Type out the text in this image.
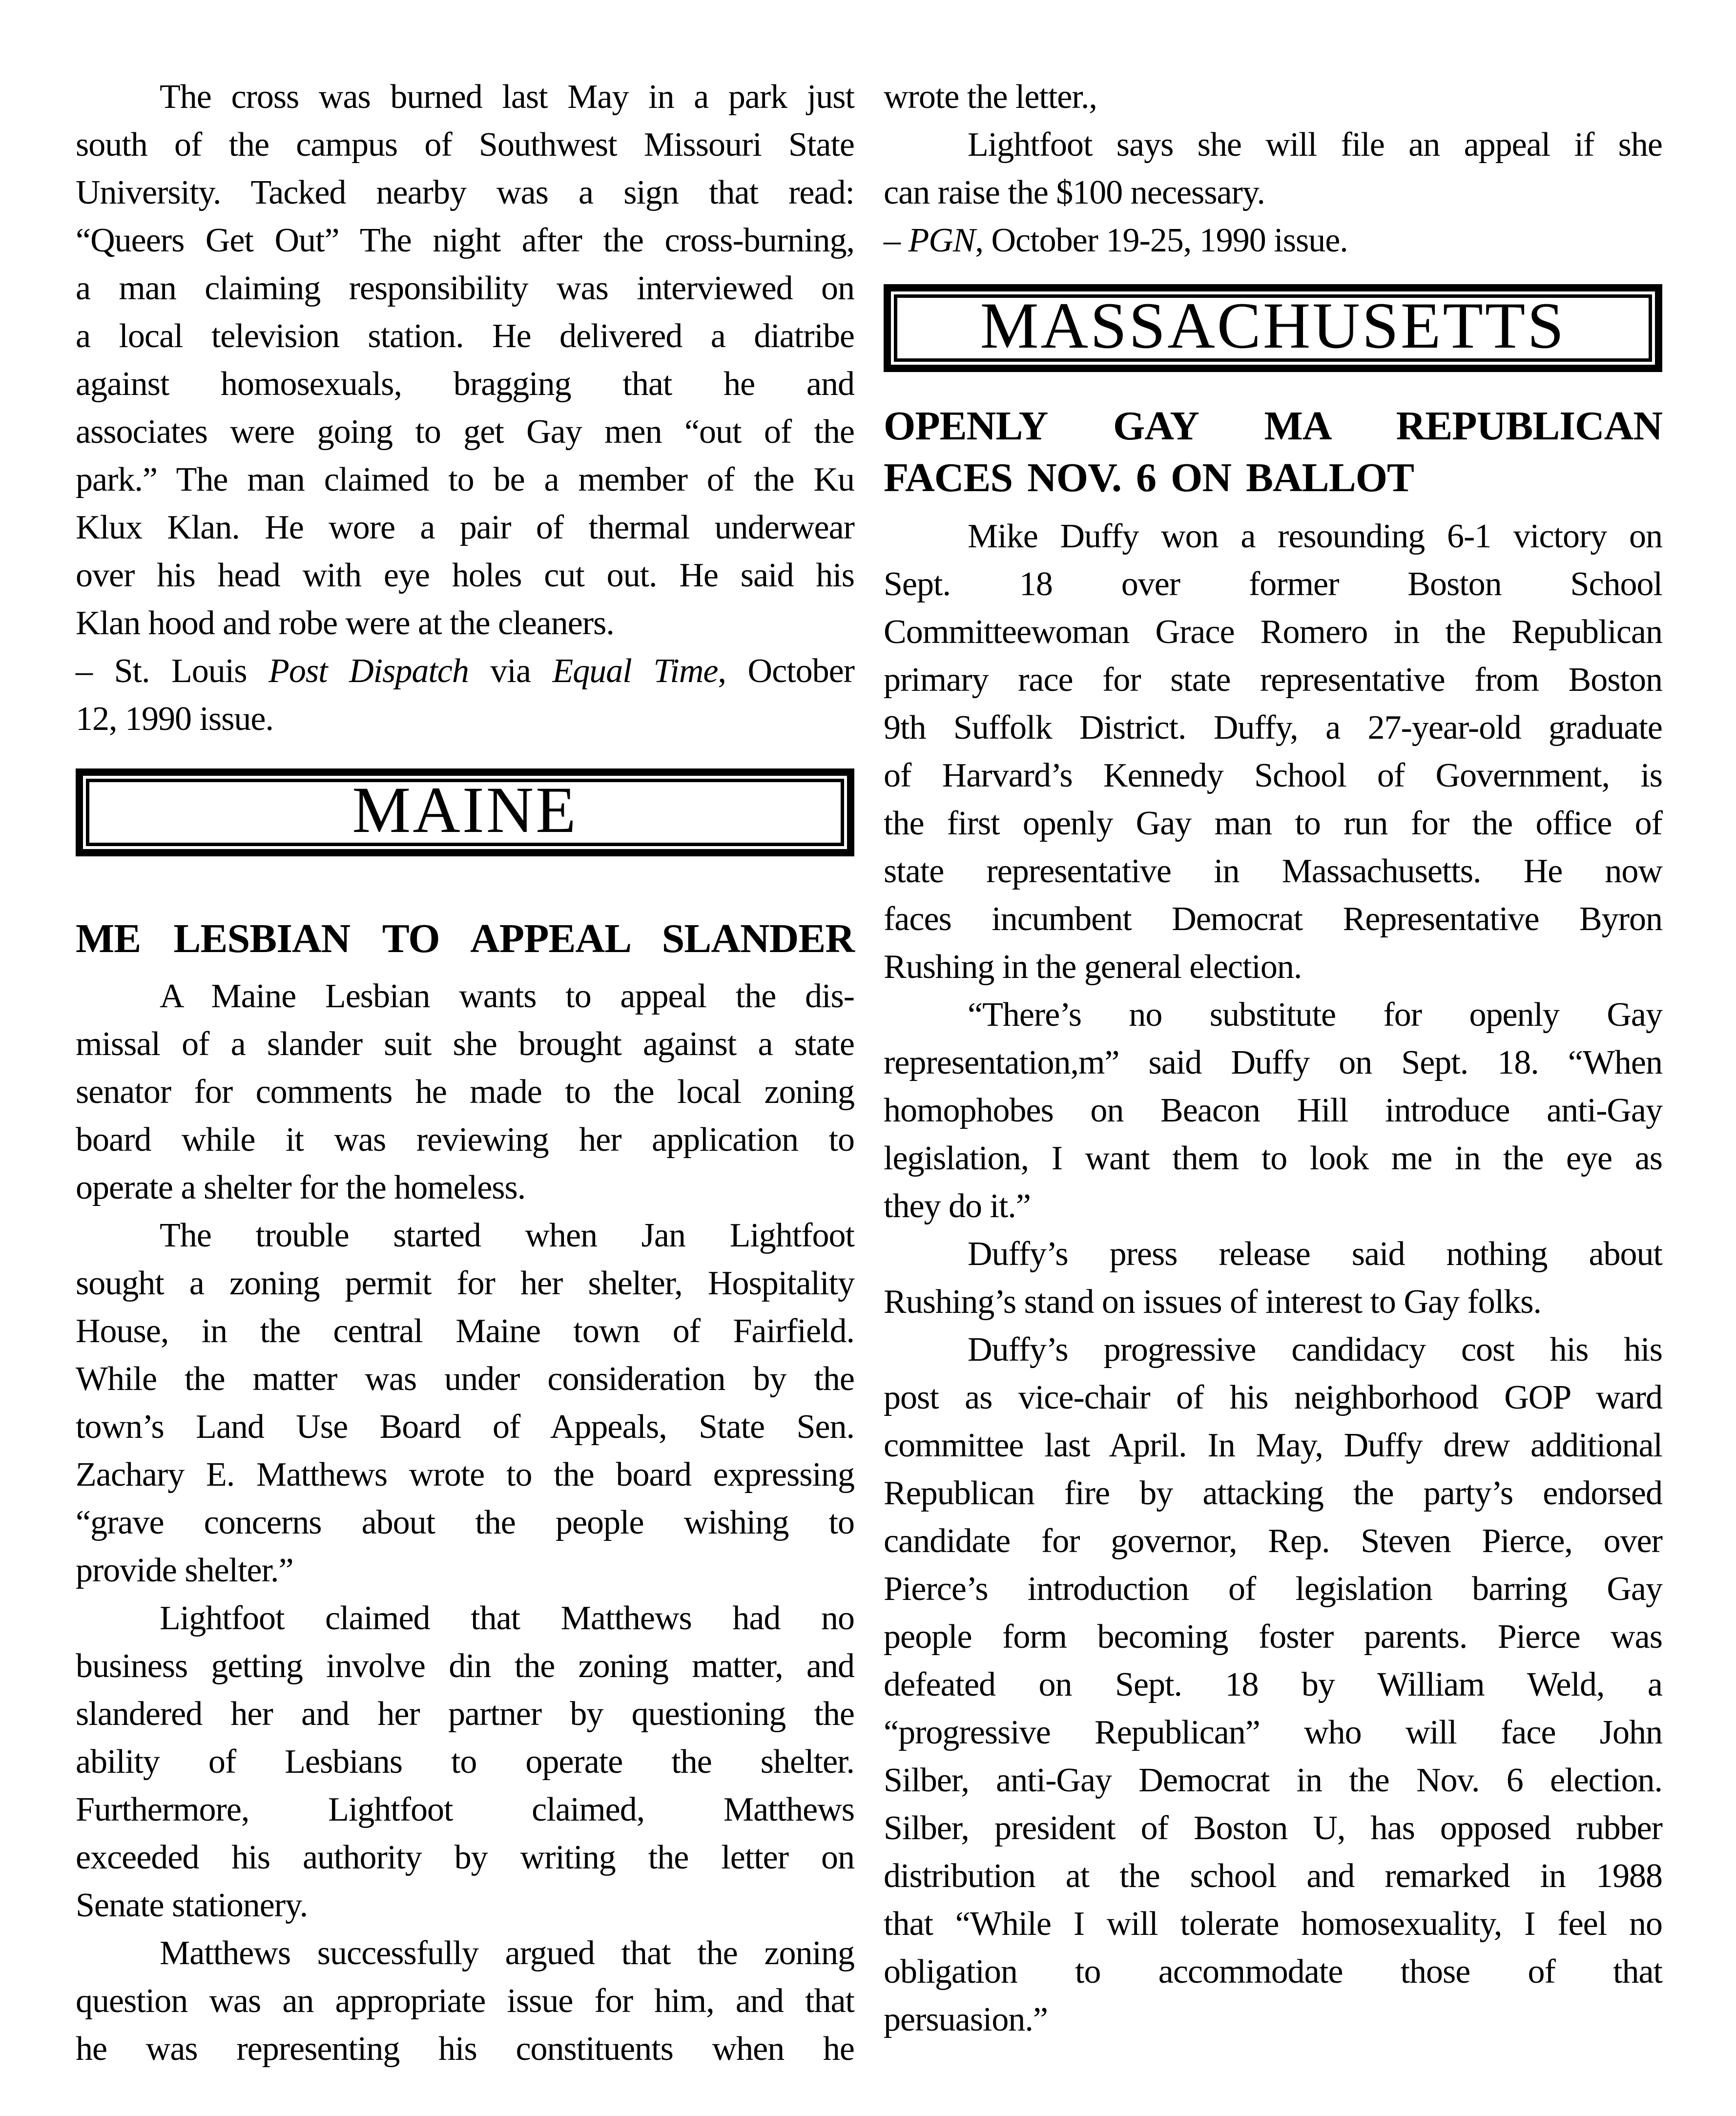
The cross was burned last May in a park just
south of the campus of Southwest Missouri State
University. Tacked nearby was a sign that read:
“Queers Get Out” The night after the cross-burning,
a man claiming responsibility was interviewed on
a local television station. He delivered a diatribe
against homosexuals, bragging that he and
associates were going to get Gay men “out of the
park.” The man claimed to be a member of the Ku
Klux Klan. He wore a pair of thermal underwear
over his head with eye holes cut out. He said his
Klan hood and robe were at the cleaners.
– St. Louis Post Dispatch via Equal Time, October
12, 1990 issue.
MAINE
ME LESBIAN TO APPEAL SLANDER
A Maine Lesbian wants to appeal the dis-
missal of a slander suit she brought against a state
senator for comments he made to the local zoning
board while it was reviewing her application to
operate a shelter for the homeless.
The trouble started when Jan Lightfoot
sought a zoning permit for her shelter, Hospitality
House, in the central Maine town of Fairfield.
While the matter was under consideration by the
town’s Land Use Board of Appeals, State Sen.
Zachary E. Matthews wrote to the board expressing
“grave concerns about the people wishing to
provide shelter.”
Lightfoot claimed that Matthews had no
business getting involve din the zoning matter, and
slandered her and her partner by questioning the
ability of Lesbians to operate the shelter.
Furthermore, Lightfoot claimed, Matthews
exceeded his authority by writing the letter on
Senate stationery.
Matthews successfully argued that the zoning
question was an appropriate issue for him, and that
he was representing his constituents when he
wrote the letter.,
Lightfoot says she will file an appeal if she
can raise the $100 necessary.
– PGN, October 19-25, 1990 issue.
MASSACHUSETTS
OPENLY GAY MA REPUBLICAN
FACES NOV. 6 ON BALLOT
Mike Duffy won a resounding 6-1 victory on
Sept. 18 over former Boston School
Committeewoman Grace Romero in the Republican
primary race for state representative from Boston
9th Suffolk District. Duffy, a 27-year-old graduate
of Harvard’s Kennedy School of Government, is
the first openly Gay man to run for the office of
state representative in Massachusetts. He now
faces incumbent Democrat Representative Byron
Rushing in the general election.
“There’s no substitute for openly Gay
representation,m” said Duffy on Sept. 18. “When
homophobes on Beacon Hill introduce anti-Gay
legislation, I want them to look me in the eye as
they do it.”
Duffy’s press release said nothing about
Rushing’s stand on issues of interest to Gay folks.
Duffy’s progressive candidacy cost his his
post as vice-chair of his neighborhood GOP ward
committee last April. In May, Duffy drew additional
Republican fire by attacking the party’s endorsed
candidate for governor, Rep. Steven Pierce, over
Pierce’s introduction of legislation barring Gay
people form becoming foster parents. Pierce was
defeated on Sept. 18 by William Weld, a
“progressive Republican” who will face John
Silber, anti-Gay Democrat in the Nov. 6 election.
Silber, president of Boston U, has opposed rubber
distribution at the school and remarked in 1988
that “While I will tolerate homosexuality, I feel no
obligation to accommodate those of that
persuasion.”
